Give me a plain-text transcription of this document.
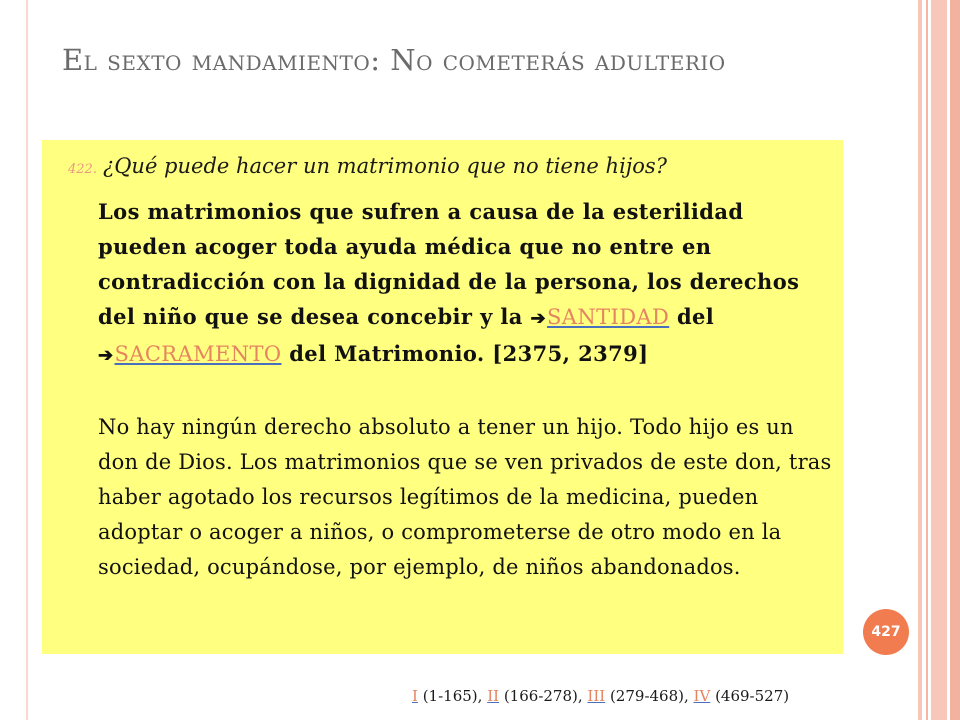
El sexto mandamiento: No cometerás adulterio
422. ¿Qué puede hacer un matrimonio que no tiene hijos?
Los matrimonios que sufren a causa de la esterilidad pueden acoger toda ayuda médica que no entre en contradicción con la dignidad de la persona, los derechos del niño que se desea concebir y la ➔SANTIDAD del ➔SACRAMENTO del Matrimonio. [2375, 2379]
No hay ningún derecho absoluto a tener un hijo. Todo hijo es un don de Dios. Los matrimonios que se ven privados de este don, tras haber agotado los recursos legítimos de la medicina, pueden adoptar o acoger a niños, o comprometerse de otro modo en la sociedad, ocupándose, por ejemplo, de niños abandonados.
427
I (1-165), II (166-278), III (279-468), IV (469-527)
